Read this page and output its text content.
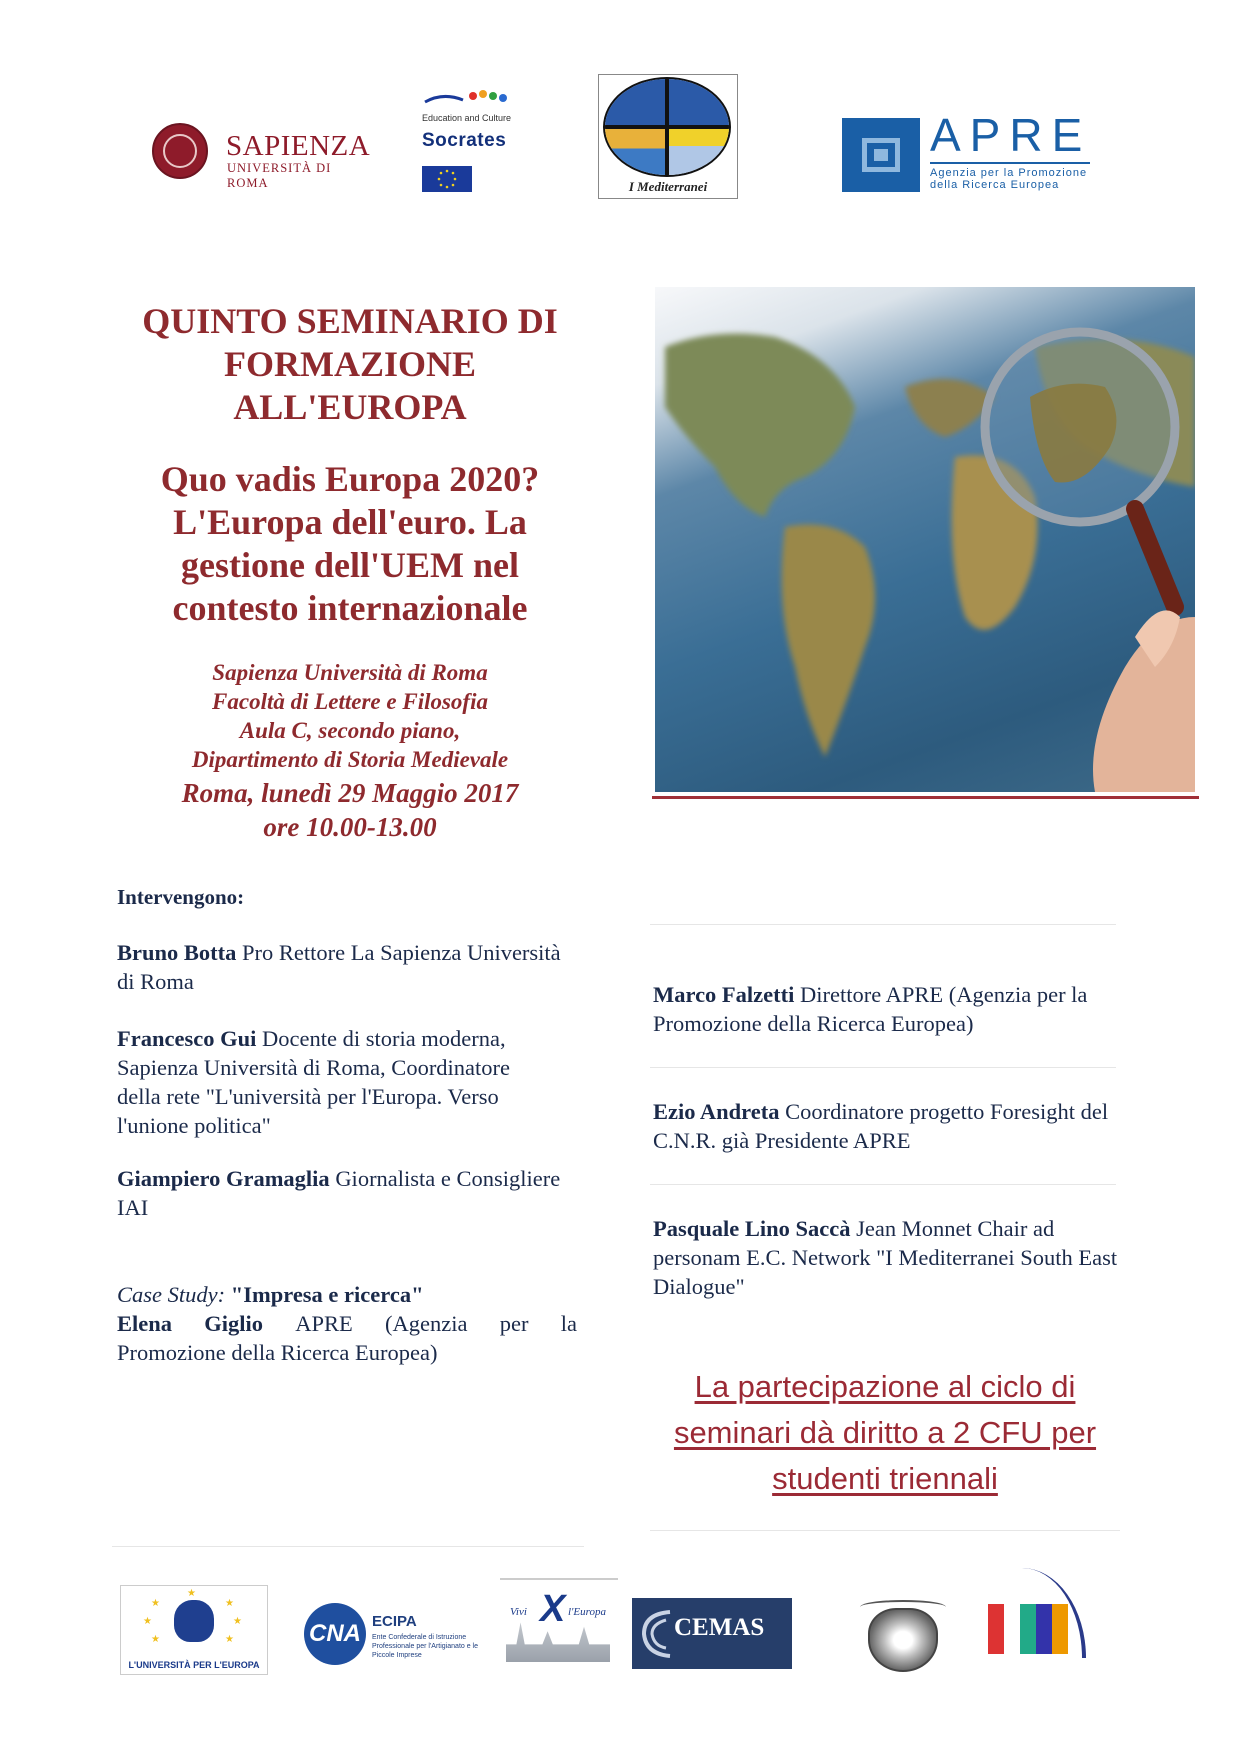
SAPIENZA
UNIVERSITÀ DI ROMA
Education and Culture
Socrates
I Mediterranei
APRE
Agenzia per la Promozione
della Ricerca Europea
QUINTO SEMINARIO DI
FORMAZIONE
ALL'EUROPA
Quo vadis Europa 2020?
L'Europa dell'euro. La
gestione dell'UEM nel
contesto internazionale
Sapienza Università di Roma
Facoltà di Lettere e Filosofia
Aula C, secondo piano,
Dipartimento di Storia Medievale
Roma, lunedì 29 Maggio 2017
ore 10.00-13.00
Intervengono:
Bruno Botta Pro Rettore La Sapienza Università di Roma
Francesco Gui Docente di storia moderna, Sapienza Università di Roma, Coordinatore della rete "L'università per l'Europa. Verso l'unione politica"
Giampiero Gramaglia Giornalista e Consigliere IAI
Case Study: "Impresa e ricerca"
Elena Giglio APRE (Agenzia per la
Promozione della Ricerca Europea)
Marco Falzetti Direttore APRE (Agenzia per la Promozione della Ricerca Europea)
Ezio Andreta Coordinatore progetto Foresight del C.N.R. già Presidente APRE
Pasquale Lino Saccà Jean Monnet Chair ad personam E.C. Network "I Mediterranei South East Dialogue"
La partecipazione al ciclo di
seminari dà diritto a 2 CFU per
studenti triennali
★	★
★	★
★	★
★
L'UNIVERSITÀ PER L'EUROPA
CNA ECIPA
Ente Confederale di Istruzione Professionale per l'Artigianato e le Piccole Imprese
X
Vivi	l'Europa
CEMAS
